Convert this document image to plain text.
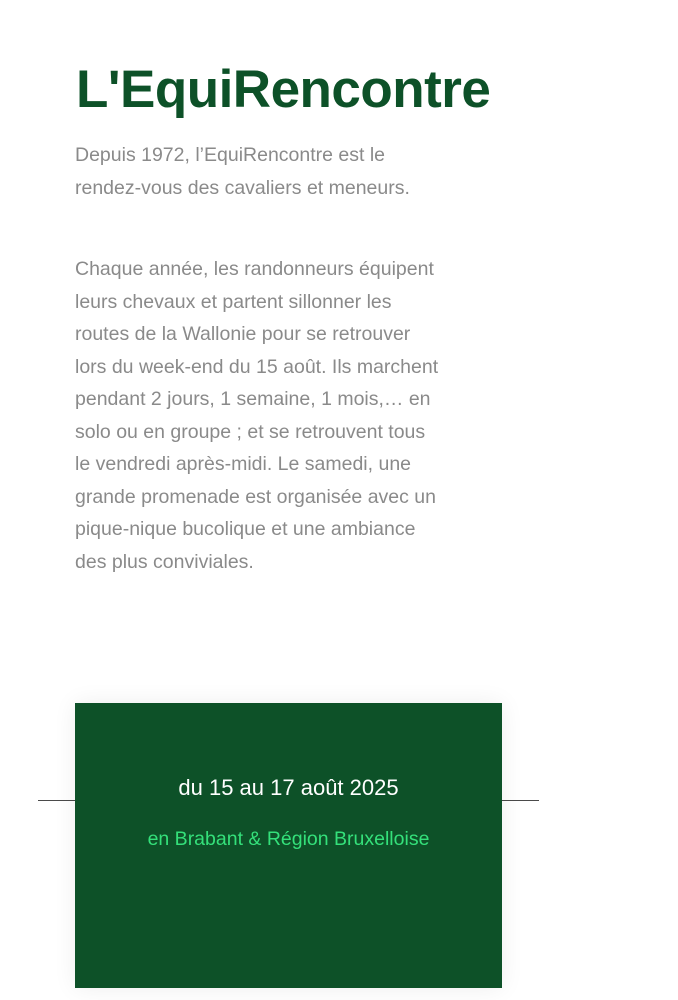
L'EquiRencontre

Depuis 1972, l’EquiRencontre est le rendez-vous des cavaliers et meneurs.

Chaque année, les randonneurs équipent leurs chevaux et partent sillonner les routes de la Wallonie pour se retrouver lors du week-end du 15 août. Ils marchent pendant 2 jours, 1 semaine, 1 mois,… en solo ou en groupe ; et se retrouvent tous le vendredi après-midi. Le samedi, une grande promenade est organisée avec un pique-nique bucolique et une ambiance des plus conviviales.

du 15 au 17 août 2025
en Brabant & Région Bruxelloise
